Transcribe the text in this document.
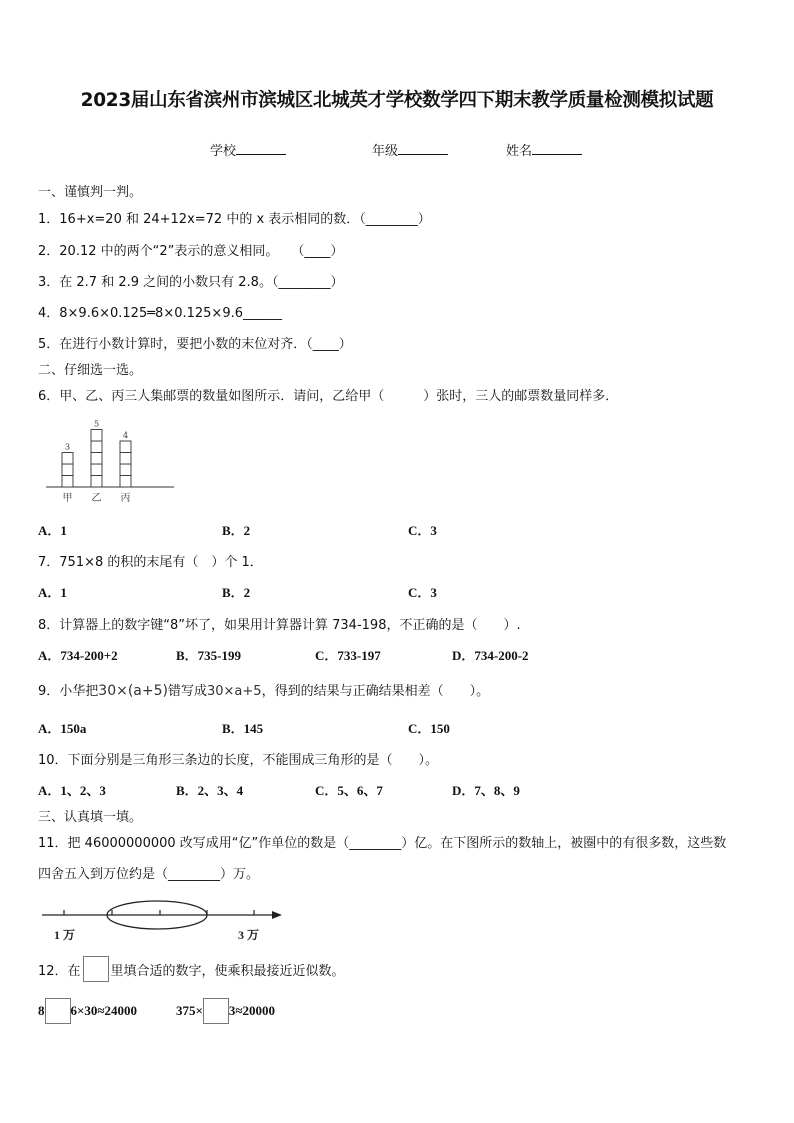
2023届山东省滨州市滨城区北城英才学校数学四下期末教学质量检测模拟试题
学校	年级	姓名
一、谨慎判一判。
1．16+x=20 和 24+12x=72 中的 x 表示相同的数．（________）
2．20.12 中的两个“2”表示的意义相同。　　（____）
3．在 2.7 和 2.9 之间的小数只有 2.8。（________）
4．8×9.6×0.125═8×0.125×9.6______
5．在进行小数计算时，要把小数的末位对齐．（____）
二、仔细选一选。
6．甲、乙、丙三人集邮票的数量如图所示．请问，乙给甲（　　　）张时，三人的邮票数量同样多．
3
甲
5
乙
4
丙
A．1	B．2	C．3
7．751×8 的积的末尾有（　）个 1．
A．1	B．2	C．3
8．计算器上的数字键“8”坏了，如果用计算器计算 734-198，不正确的是（　　）.
A．734-200+2	B．735-199	C．733-197	D．734-200-2
9．小华把30×(a+5)错写成30×a+5，得到的结果与正确结果相差（　　）。
A．150a	B．145	C．150
10．下面分别是三角形三条边的长度，不能围成三角形的是（　　）。
A．1、2、3	B．2、3、4	C．5、6、7	D．7、8、9
三、认真填一填。
11．把 46000000000 改写成用“亿”作单位的数是（________）亿。在下图所示的数轴上，被圈中的有很多数，这些数
四舍五入到万位约是（________）万。
1 万	3 万
12．在 里填合适的数字，使乘积最接近近似数。
8 6×30≈24000	375× 3≈20000
